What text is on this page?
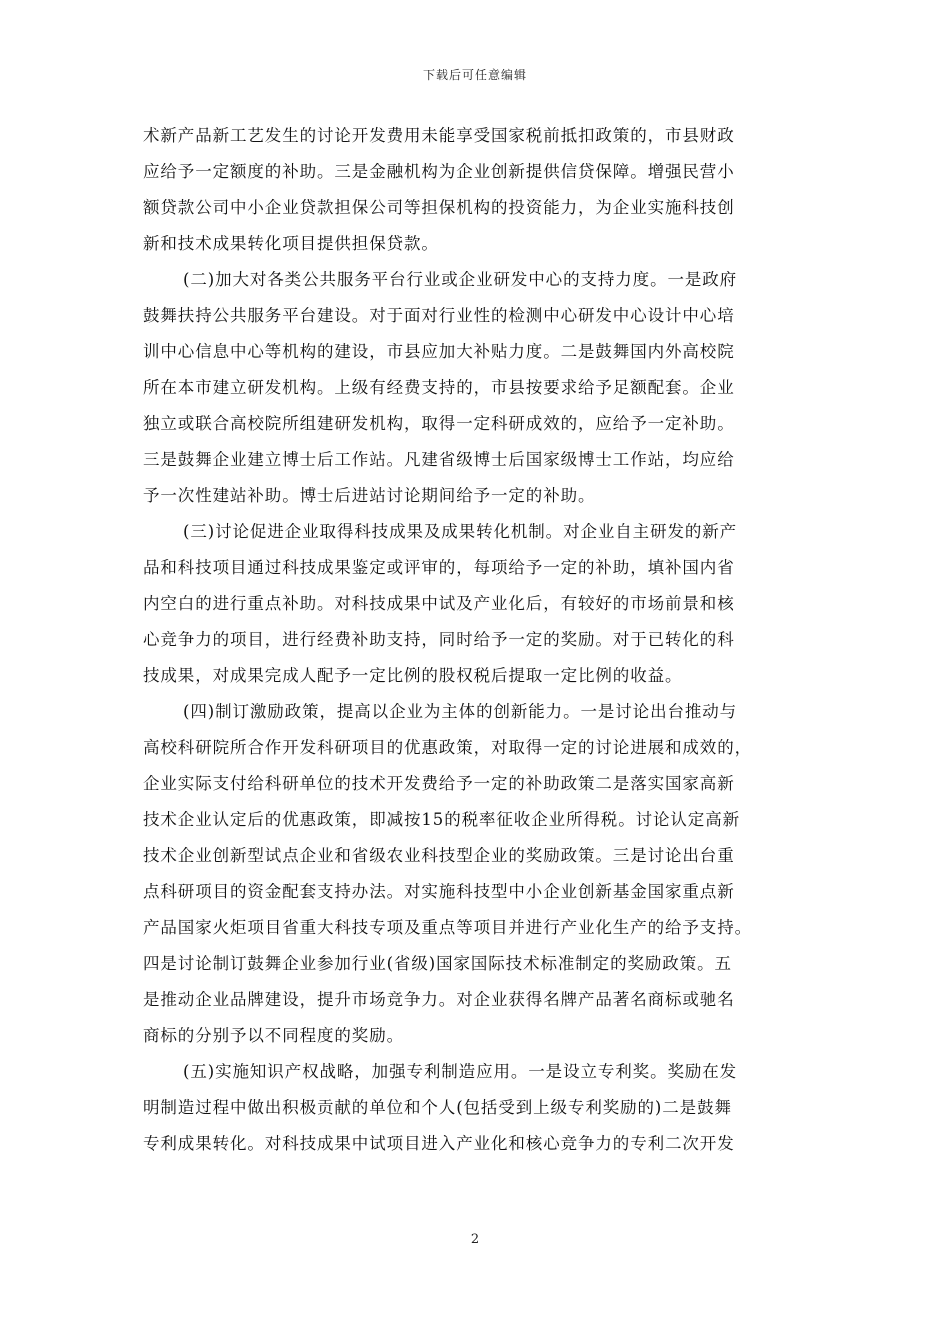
下载后可任意编辑
术新产品新工艺发生的讨论开发费用未能享受国家税前抵扣政策的，市县财政
应给予一定额度的补助。三是金融机构为企业创新提供信贷保障。增强民营小
额贷款公司中小企业贷款担保公司等担保机构的投资能力，为企业实施科技创
新和技术成果转化项目提供担保贷款。
(二)加大对各类公共服务平台行业或企业研发中心的支持力度。一是政府
鼓舞扶持公共服务平台建设。对于面对行业性的检测中心研发中心设计中心培
训中心信息中心等机构的建设，市县应加大补贴力度。二是鼓舞国内外高校院
所在本市建立研发机构。上级有经费支持的，市县按要求给予足额配套。企业
独立或联合高校院所组建研发机构，取得一定科研成效的，应给予一定补助。
三是鼓舞企业建立博士后工作站。凡建省级博士后国家级博士工作站，均应给
予一次性建站补助。博士后进站讨论期间给予一定的补助。
(三)讨论促进企业取得科技成果及成果转化机制。对企业自主研发的新产
品和科技项目通过科技成果鉴定或评审的，每项给予一定的补助，填补国内省
内空白的进行重点补助。对科技成果中试及产业化后，有较好的市场前景和核
心竞争力的项目，进行经费补助支持，同时给予一定的奖励。对于已转化的科
技成果，对成果完成人配予一定比例的股权税后提取一定比例的收益。
(四)制订激励政策，提高以企业为主体的创新能力。一是讨论出台推动与
高校科研院所合作开发科研项目的优惠政策，对取得一定的讨论进展和成效的，
企业实际支付给科研单位的技术开发费给予一定的补助政策二是落实国家高新
技术企业认定后的优惠政策，即减按15的税率征收企业所得税。讨论认定高新
技术企业创新型试点企业和省级农业科技型企业的奖励政策。三是讨论出台重
点科研项目的资金配套支持办法。对实施科技型中小企业创新基金国家重点新
产品国家火炬项目省重大科技专项及重点等项目并进行产业化生产的给予支持。
四是讨论制订鼓舞企业参加行业(省级)国家国际技术标准制定的奖励政策。五
是推动企业品牌建设，提升市场竞争力。对企业获得名牌产品著名商标或驰名
商标的分别予以不同程度的奖励。
(五)实施知识产权战略，加强专利制造应用。一是设立专利奖。奖励在发
明制造过程中做出积极贡献的单位和个人(包括受到上级专利奖励的)二是鼓舞
专利成果转化。对科技成果中试项目进入产业化和核心竞争力的专利二次开发
2
